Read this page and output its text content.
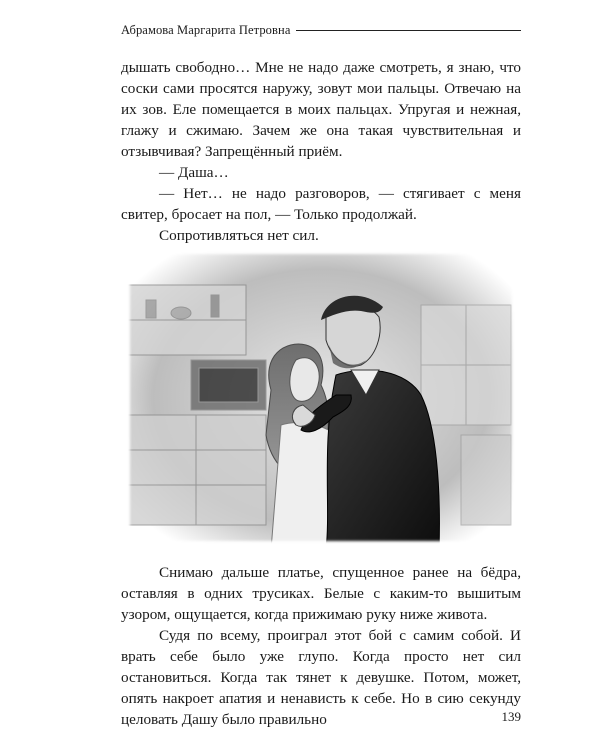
Абрамова Маргарита Петровна

дышать свободно… Мне не надо даже смотреть, я знаю, что соски сами просятся наружу, зовут мои пальцы. Отвечаю на их зов. Еле помещается в моих пальцах. Упругая и нежная, глажу и сжимаю. Зачем же она такая чувствительная и отзывчивая? Запрещённый приём.

— Даша…

— Нет… не надо разговоров, — стягивает с меня свитер, бросает на пол, — Только продолжай.

Сопротивляться нет сил.

Снимаю дальше платье, спущенное ранее на бёдра, оставляя в одних трусиках. Белые с каким-то вышитым узором, ощущается, когда прижимаю руку ниже живота.

Судя по всему, проиграл этот бой с самим собой. И врать себе было уже глупо. Когда просто нет сил остановиться. Когда так тянет к девушке. Потом, может, опять накроет апатия и ненависть к себе. Но в сию секунду целовать Дашу было правильно	139
